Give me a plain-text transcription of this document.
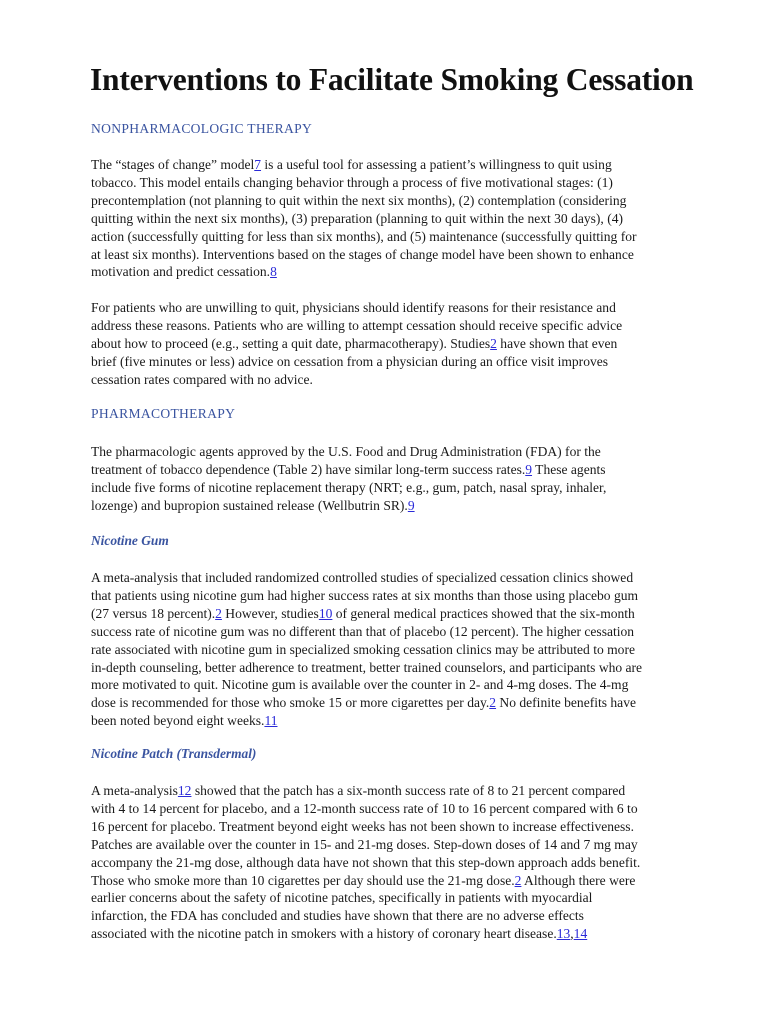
Interventions to Facilitate Smoking Cessation
NONPHARMACOLOGIC THERAPY
The “stages of change” model7 is a useful tool for assessing a patient’s willingness to quit using
tobacco. This model entails changing behavior through a process of five motivational stages: (1)
precontemplation (not planning to quit within the next six months), (2) contemplation (considering
quitting within the next six months), (3) preparation (planning to quit within the next 30 days), (4)
action (successfully quitting for less than six months), and (5) maintenance (successfully quitting for
at least six months). Interventions based on the stages of change model have been shown to enhance
motivation and predict cessation.8
For patients who are unwilling to quit, physicians should identify reasons for their resistance and
address these reasons. Patients who are willing to attempt cessation should receive specific advice
about how to proceed (e.g., setting a quit date, pharmacotherapy). Studies2 have shown that even
brief (five minutes or less) advice on cessation from a physician during an office visit improves
cessation rates compared with no advice.
PHARMACOTHERAPY
The pharmacologic agents approved by the U.S. Food and Drug Administration (FDA) for the
treatment of tobacco dependence (Table 2) have similar long-term success rates.9 These agents
include five forms of nicotine replacement therapy (NRT; e.g., gum, patch, nasal spray, inhaler,
lozenge) and bupropion sustained release (Wellbutrin SR).9
Nicotine Gum
A meta-analysis that included randomized controlled studies of specialized cessation clinics showed
that patients using nicotine gum had higher success rates at six months than those using placebo gum
(27 versus 18 percent).2 However, studies10 of general medical practices showed that the six-month
success rate of nicotine gum was no different than that of placebo (12 percent). The higher cessation
rate associated with nicotine gum in specialized smoking cessation clinics may be attributed to more
in-depth counseling, better adherence to treatment, better trained counselors, and participants who are
more motivated to quit. Nicotine gum is available over the counter in 2- and 4-mg doses. The 4-mg
dose is recommended for those who smoke 15 or more cigarettes per day.2 No definite benefits have
been noted beyond eight weeks.11
Nicotine Patch (Transdermal)
A meta-analysis12 showed that the patch has a six-month success rate of 8 to 21 percent compared
with 4 to 14 percent for placebo, and a 12-month success rate of 10 to 16 percent compared with 6 to
16 percent for placebo. Treatment beyond eight weeks has not been shown to increase effectiveness.
Patches are available over the counter in 15- and 21-mg doses. Step-down doses of 14 and 7 mg may
accompany the 21-mg dose, although data have not shown that this step-down approach adds benefit.
Those who smoke more than 10 cigarettes per day should use the 21-mg dose.2 Although there were
earlier concerns about the safety of nicotine patches, specifically in patients with myocardial
infarction, the FDA has concluded and studies have shown that there are no adverse effects
associated with the nicotine patch in smokers with a history of coronary heart disease.13,14
